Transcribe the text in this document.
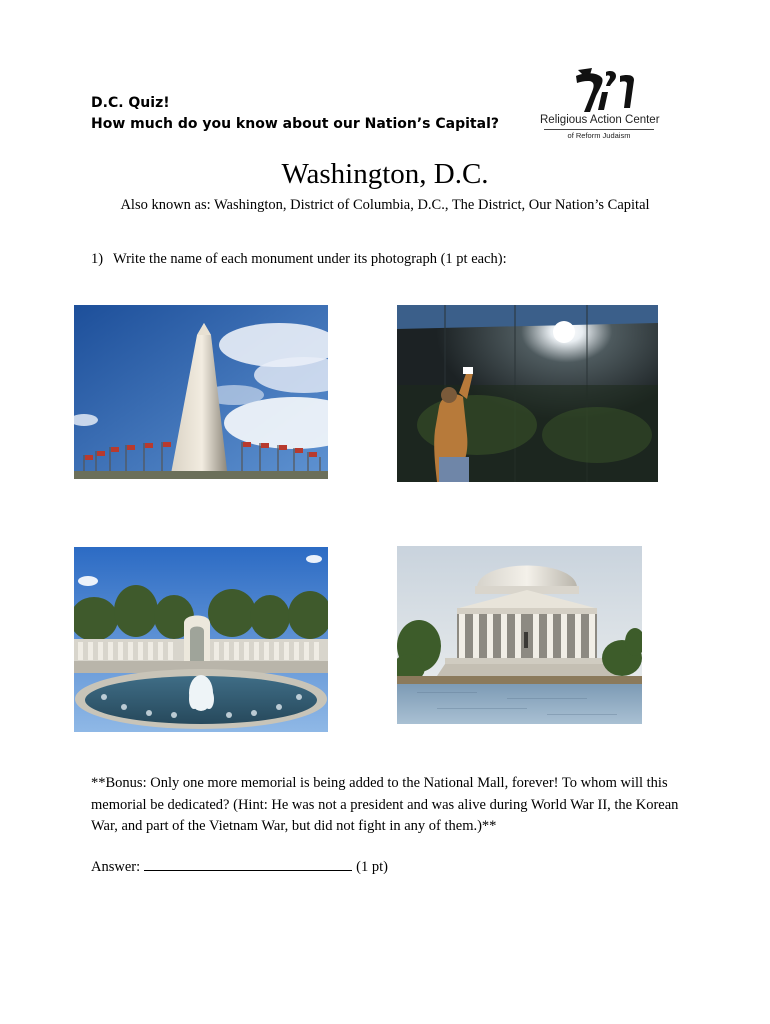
D.C. Quiz!
How much do you know about our Nation’s Capital?	Religious Action Center
of Reform Judaism
Washington, D.C.
Also known as: Washington, District of Columbia, D.C., The District, Our Nation’s Capital
1) Write the name of each monument under its photograph (1 pt each):
**Bonus: Only one more memorial is being added to the National Mall, forever! To whom will this memorial be dedicated? (Hint: He was not a president and was alive during World War II, the Korean War, and part of the Vietnam War, but did not fight in any of them.)**
Answer:	(1 pt)
